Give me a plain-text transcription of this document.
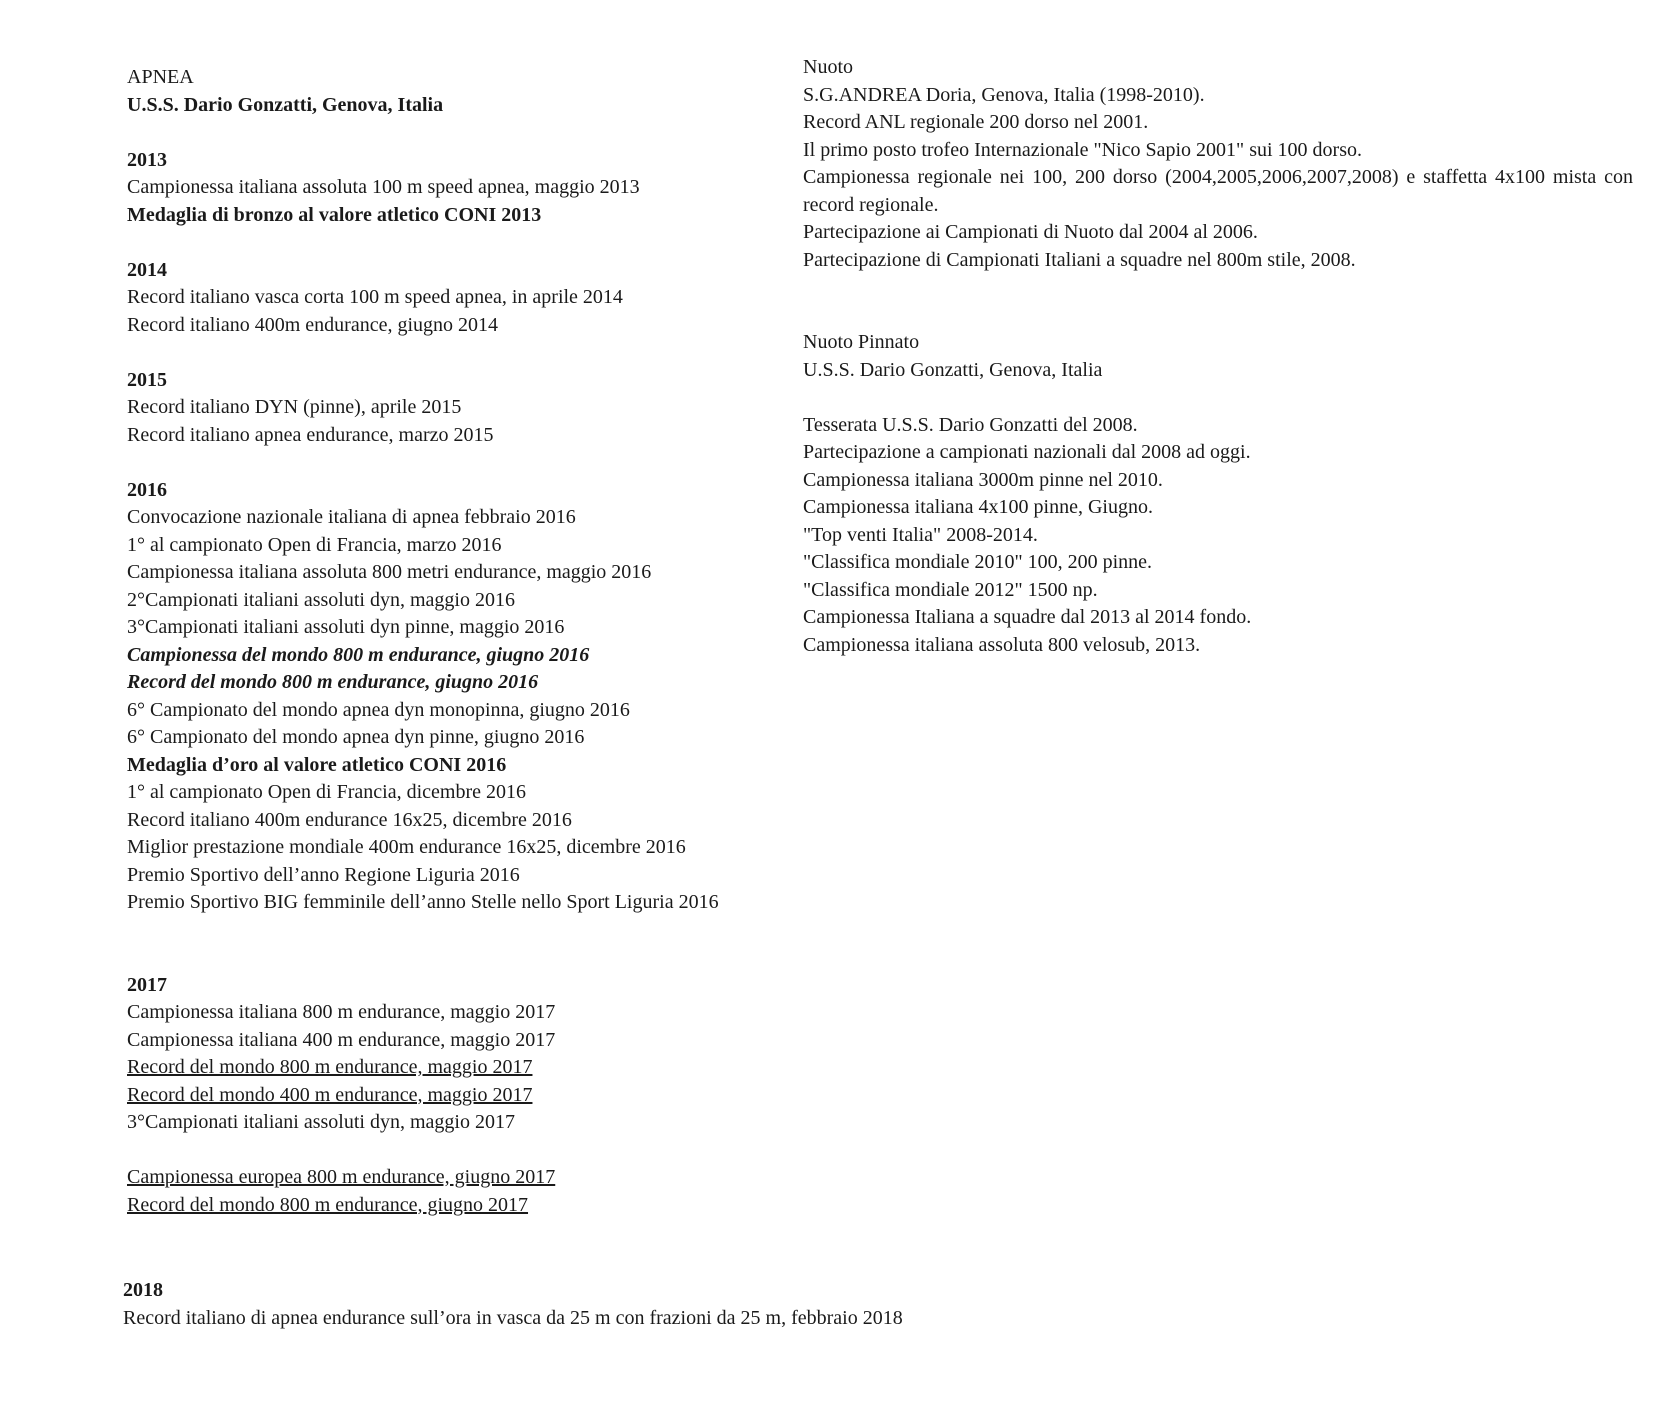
APNEA
U.S.S. Dario Gonzatti, Genova, Italia
2013
Campionessa italiana assoluta 100 m speed apnea, maggio 2013
Medaglia di bronzo al valore atletico CONI 2013
2014
Record italiano vasca corta 100 m speed apnea, in aprile 2014
Record italiano 400m endurance, giugno 2014
2015
Record italiano DYN (pinne), aprile 2015
Record italiano apnea endurance, marzo 2015
2016
Convocazione nazionale italiana di apnea febbraio 2016
1° al campionato Open di Francia, marzo 2016
Campionessa italiana assoluta 800 metri endurance, maggio 2016
2°Campionati italiani assoluti dyn, maggio 2016
3°Campionati italiani assoluti dyn pinne, maggio 2016
Campionessa del mondo 800 m endurance, giugno 2016
Record del mondo 800 m endurance, giugno 2016
6° Campionato del mondo apnea dyn monopinna, giugno 2016
6° Campionato del mondo apnea dyn pinne, giugno 2016
Medaglia d’oro al valore atletico CONI 2016
1° al campionato Open di Francia, dicembre 2016
Record italiano 400m endurance 16x25, dicembre 2016
Miglior prestazione mondiale 400m endurance 16x25, dicembre 2016
Premio Sportivo dell’anno Regione Liguria 2016
Premio Sportivo BIG femminile dell’anno Stelle nello Sport Liguria 2016
2017
Campionessa italiana 800 m endurance, maggio 2017
Campionessa italiana 400 m endurance, maggio 2017
Record del mondo 800 m endurance, maggio 2017
Record del mondo 400 m endurance, maggio 2017
3°Campionati italiani assoluti dyn, maggio 2017
Campionessa europea 800 m endurance, giugno 2017
Record del mondo 800 m endurance, giugno 2017
2018
Record italiano di apnea endurance sull’ora in vasca da 25 m con frazioni da 25 m, febbraio 2018
Nuoto
S.G.ANDREA Doria, Genova, Italia (1998-2010).
Record ANL regionale 200 dorso nel 2001.
Il primo posto trofeo Internazionale "Nico Sapio 2001" sui 100 dorso.
Campionessa regionale nei 100, 200 dorso (2004,2005,2006,2007,2008) e staffetta 4x100 mista con record regionale.
Partecipazione ai Campionati di Nuoto dal 2004 al 2006.
Partecipazione di Campionati Italiani a squadre nel 800m stile, 2008.
Nuoto Pinnato
U.S.S. Dario Gonzatti, Genova, Italia
Tesserata U.S.S. Dario Gonzatti del 2008.
Partecipazione a campionati nazionali dal 2008 ad oggi.
Campionessa italiana 3000m pinne nel 2010.
Campionessa italiana 4x100 pinne, Giugno.
"Top venti Italia" 2008-2014.
"Classifica mondiale 2010" 100, 200 pinne.
"Classifica mondiale 2012" 1500 np.
Campionessa Italiana a squadre dal 2013 al 2014 fondo.
Campionessa italiana assoluta 800 velosub, 2013.
